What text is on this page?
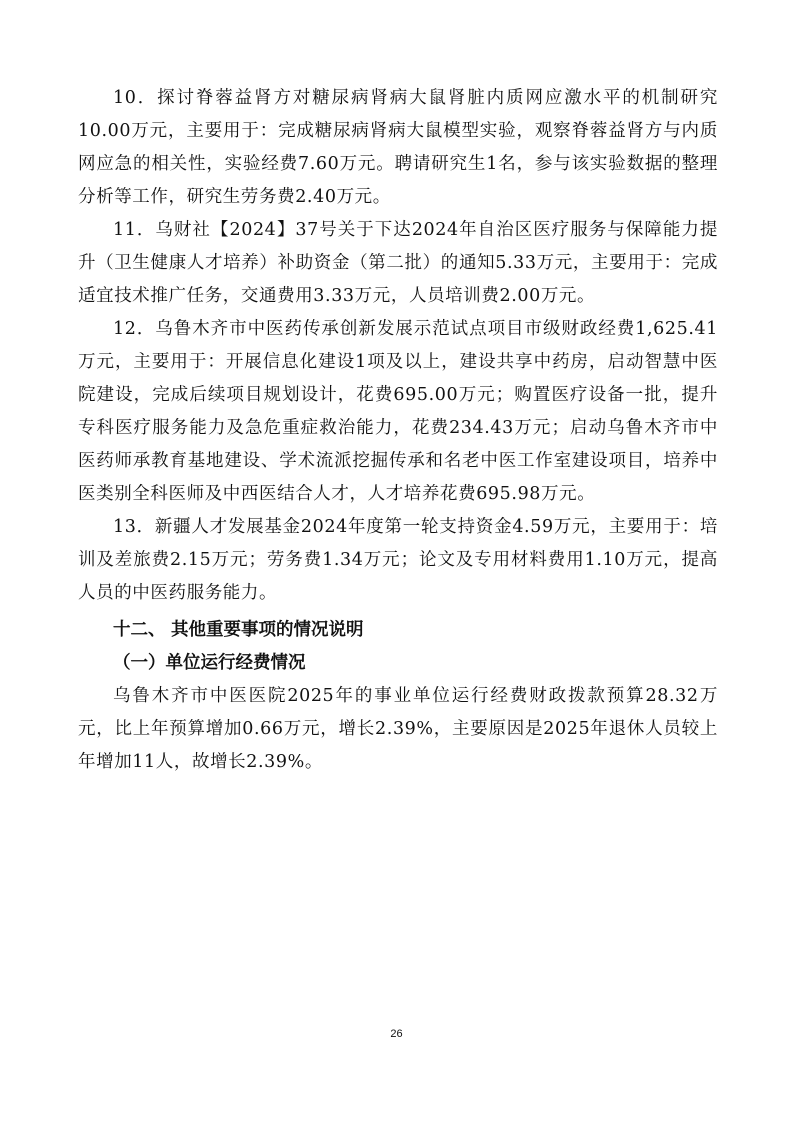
10．探讨脊蓉益肾方对糖尿病肾病大鼠肾脏内质网应激水平的机制研究10.00万元，主要用于：完成糖尿病肾病大鼠模型实验，观察脊蓉益肾方与内质网应急的相关性，实验经费7.60万元。聘请研究生1名，参与该实验数据的整理分析等工作，研究生劳务费2.40万元。

11．乌财社【2024】37号关于下达2024年自治区医疗服务与保障能力提升（卫生健康人才培养）补助资金（第二批）的通知5.33万元，主要用于：完成适宜技术推广任务，交通费用3.33万元，人员培训费2.00万元。

12．乌鲁木齐市中医药传承创新发展示范试点项目市级财政经费1,625.41万元，主要用于：开展信息化建设1项及以上，建设共享中药房，启动智慧中医院建设，完成后续项目规划设计，花费695.00万元；购置医疗设备一批，提升专科医疗服务能力及急危重症救治能力，花费234.43万元；启动乌鲁木齐市中医药师承教育基地建设、学术流派挖掘传承和名老中医工作室建设项目，培养中医类别全科医师及中西医结合人才，人才培养花费695.98万元。

13．新疆人才发展基金2024年度第一轮支持资金4.59万元，主要用于：培训及差旅费2.15万元；劳务费1.34万元；论文及专用材料费用1.10万元，提高人员的中医药服务能力。

十二、 其他重要事项的情况说明
（一）单位运行经费情况

乌鲁木齐市中医医院2025年的事业单位运行经费财政拨款预算28.32万元，比上年预算增加0.66万元，增长2.39%，主要原因是2025年退休人员较上年增加11人，故增长2.39%。

26
